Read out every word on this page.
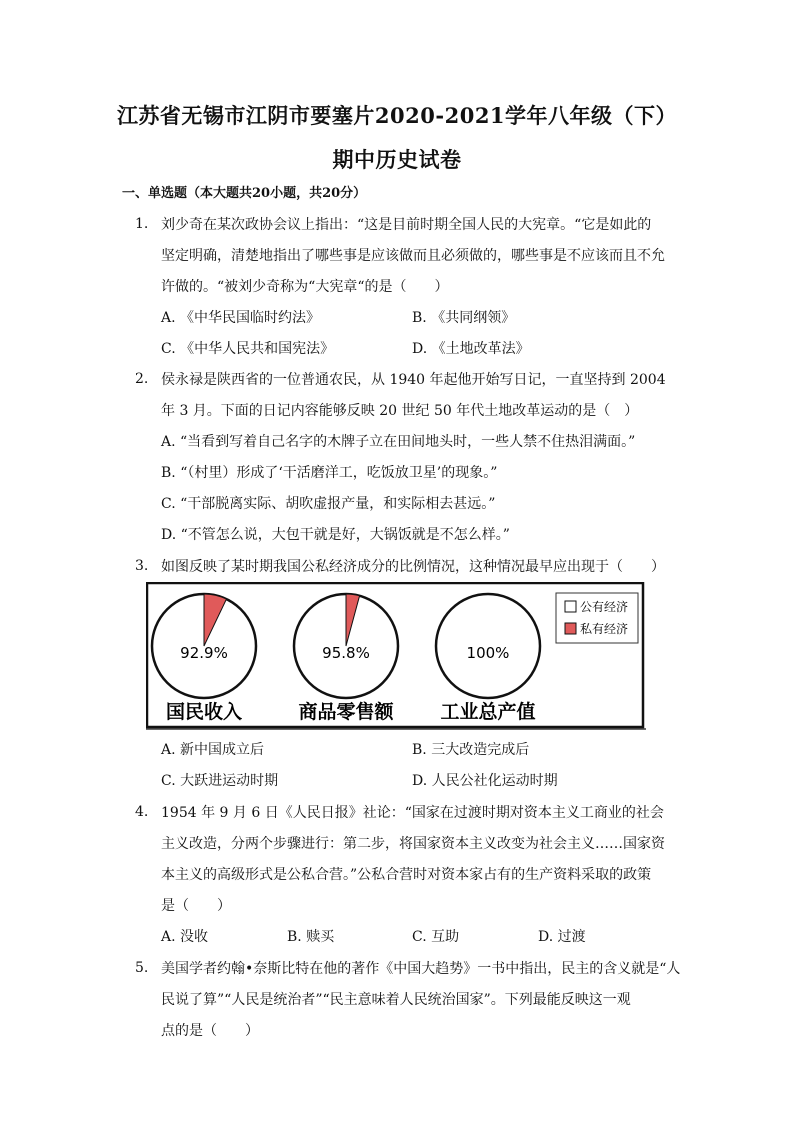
江苏省无锡市江阴市要塞片2020-2021学年八年级（下）
期中历史试卷
一、单选题（本大题共20小题，共20分）
1. 刘少奇在某次政协会议上指出：“这是目前时期全国人民的大宪章。“它是如此的
坚定明确，清楚地指出了哪些事是应该做而且必须做的，哪些事是不应该而且不允
许做的。“被刘少奇称为“大宪章“的是（　　）
A. 《中华民国临时约法》	B. 《共同纲领》
C. 《中华人民共和国宪法》	D. 《土地改革法》
2. 侯永禄是陕西省的一位普通农民，从 1940 年起他开始写日记，一直坚持到 2004
年 3 月。下面的日记内容能够反映 20 世纪 50 年代土地改革运动的是（　）
A. “当看到写着自己名字的木牌子立在田间地头时，一些人禁不住热泪满面。”
B. “（村里）形成了‘干活磨洋工，吃饭放卫星’的现象。”
C. “干部脱离实际、胡吹虚报产量，和实际相去甚远。”
D. “不管怎么说，大包干就是好，大锅饭就是不怎么样。”
3. 如图反映了某时期我国公私经济成分的比例情况，这种情况最早应出现于（　　）
92.9%
国民收入
95.8%
商品零售额
100%
工业总产值
公有经济
私有经济
A. 新中国成立后	B. 三大改造完成后
C. 大跃进运动时期	D. 人民公社化运动时期
4. 1954 年 9 月 6 日《人民日报》社论：“国家在过渡时期对资本主义工商业的社会
主义改造，分两个步骤进行：第二步，将国家资本主义改变为社会主义……国家资
本主义的高级形式是公私合营。”公私合营时对资本家占有的生产资料采取的政策
是（　　）
A. 没收	B. 赎买	C. 互助	D. 过渡
5. 美国学者约翰•奈斯比特在他的著作《中国大趋势》一书中指出，民主的含义就是“人
民说了算”“人民是统治者”“民主意味着人民统治国家”。下列最能反映这一观
点的是（　　）
